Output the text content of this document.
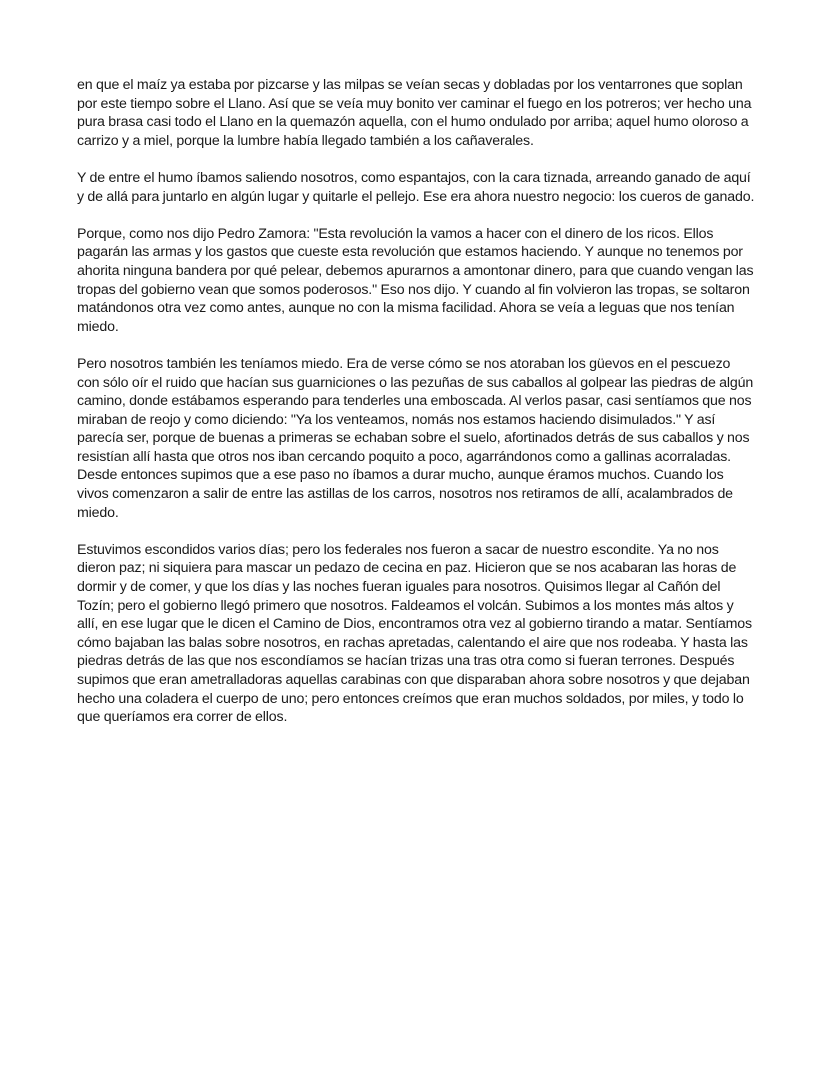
en que el maíz ya estaba por pizcarse y las milpas se veían secas y dobladas por los ventarrones que soplan por este tiempo sobre el Llano. Así que se veía muy bonito ver caminar el fuego en los potreros; ver hecho una pura brasa casi todo el Llano en la quemazón aquella, con el humo ondulado por arriba; aquel humo oloroso a carrizo y a miel, porque la lumbre había llegado también a los cañaverales.

Y de entre el humo íbamos saliendo nosotros, como espantajos, con la cara tiznada, arreando ganado de aquí y de allá para juntarlo en algún lugar y quitarle el pellejo. Ese era ahora nuestro negocio: los cueros de ganado.

Porque, como nos dijo Pedro Zamora: "Esta revolución la vamos a hacer con el dinero de los ricos. Ellos pagarán las armas y los gastos que cueste esta revolución que estamos haciendo. Y aunque no tenemos por ahorita ninguna bandera por qué pelear, debemos apurarnos a amontonar dinero, para que cuando vengan las tropas del gobierno vean que somos poderosos." Eso nos dijo. Y cuando al fin volvieron las tropas, se soltaron matándonos otra vez como antes, aunque no con la misma facilidad. Ahora se veía a leguas que nos tenían miedo.

Pero nosotros también les teníamos miedo. Era de verse cómo se nos atoraban los güevos en el pescuezo con sólo oír el ruido que hacían sus guarniciones o las pezuñas de sus caballos al golpear las piedras de algún camino, donde estábamos esperando para tenderles una emboscada. Al verlos pasar, casi sentíamos que nos miraban de reojo y como diciendo: "Ya los venteamos, nomás nos estamos haciendo disimulados." Y así parecía ser, porque de buenas a primeras se echaban sobre el suelo, afortinados detrás de sus caballos y nos resistían allí hasta que otros nos iban cercando poquito a poco, agarrándonos como a gallinas acorraladas. Desde entonces supimos que a ese paso no íbamos a durar mucho, aunque éramos muchos. Cuando los vivos comenzaron a salir de entre las astillas de los carros, nosotros nos retiramos de allí, acalambrados de miedo.

Estuvimos escondidos varios días; pero los federales nos fueron a sacar de nuestro escondite. Ya no nos dieron paz; ni siquiera para mascar un pedazo de cecina en paz. Hicieron que se nos acabaran las horas de dormir y de comer, y que los días y las noches fueran iguales para nosotros. Quisimos llegar al Cañón del Tozín; pero el gobierno llegó primero que nosotros. Faldeamos el volcán. Subimos a los montes más altos y allí, en ese lugar que le dicen el Camino de Dios, encontramos otra vez al gobierno tirando a matar. Sentíamos cómo bajaban las balas sobre nosotros, en rachas apretadas, calentando el aire que nos rodeaba. Y hasta las piedras detrás de las que nos escondíamos se hacían trizas una tras otra como si fueran terrones. Después supimos que eran ametralladoras aquellas carabinas con que disparaban ahora sobre nosotros y que dejaban hecho una coladera el cuerpo de uno; pero entonces creímos que eran muchos soldados, por miles, y todo lo que queríamos era correr de ellos.
